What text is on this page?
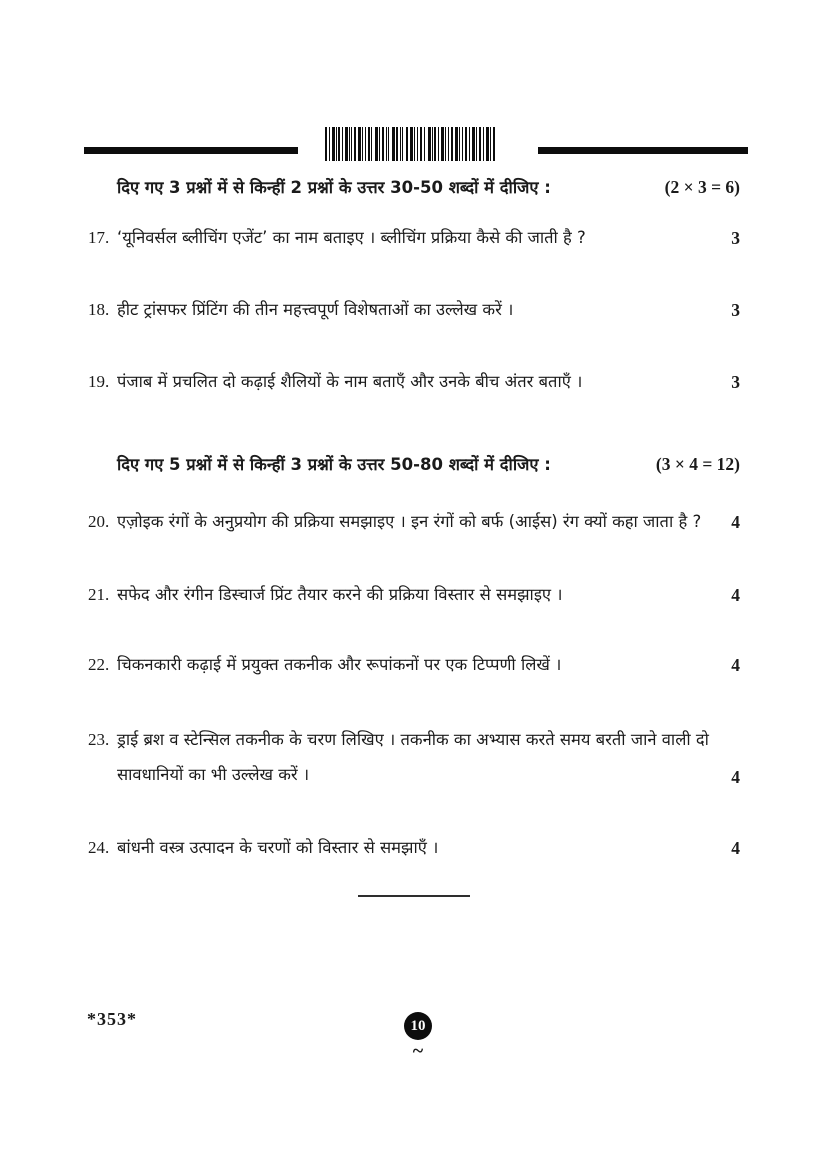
दिए गए 3 प्रश्नों में से किन्हीं 2 प्रश्नों के उत्तर 30-50 शब्दों में दीजिए :	(2 × 3 = 6)
17. ‘यूनिवर्सल ब्लीचिंग एजेंट’ का नाम बताइए । ब्लीचिंग प्रक्रिया कैसे की जाती है ?	3
18. हीट ट्रांसफर प्रिंटिंग की तीन महत्त्वपूर्ण विशेषताओं का उल्लेख करें ।	3
19. पंजाब में प्रचलित दो कढ़ाई शैलियों के नाम बताएँ और उनके बीच अंतर बताएँ ।	3
दिए गए 5 प्रश्नों में से किन्हीं 3 प्रश्नों के उत्तर 50-80 शब्दों में दीजिए :	(3 × 4 = 12)
20. एज़ोइक रंगों के अनुप्रयोग की प्रक्रिया समझाइए । इन रंगों को बर्फ (आईस) रंग क्यों कहा जाता है ? 4
21. सफेद और रंगीन डिस्चार्ज प्रिंट तैयार करने की प्रक्रिया विस्तार से समझाइए ।	4
22. चिकनकारी कढ़ाई में प्रयुक्त तकनीक और रूपांकनों पर एक टिप्पणी लिखें ।	4
23. ड्राई ब्रश व स्टेन्सिल तकनीक के चरण लिखिए । तकनीक का अभ्यास करते समय बरती जाने वाली दो
सावधानियों का भी उल्लेख करें ।	4
24. बांधनी वस्त्र उत्पादन के चरणों को विस्तार से समझाएँ ।	4
*353*	10
~
